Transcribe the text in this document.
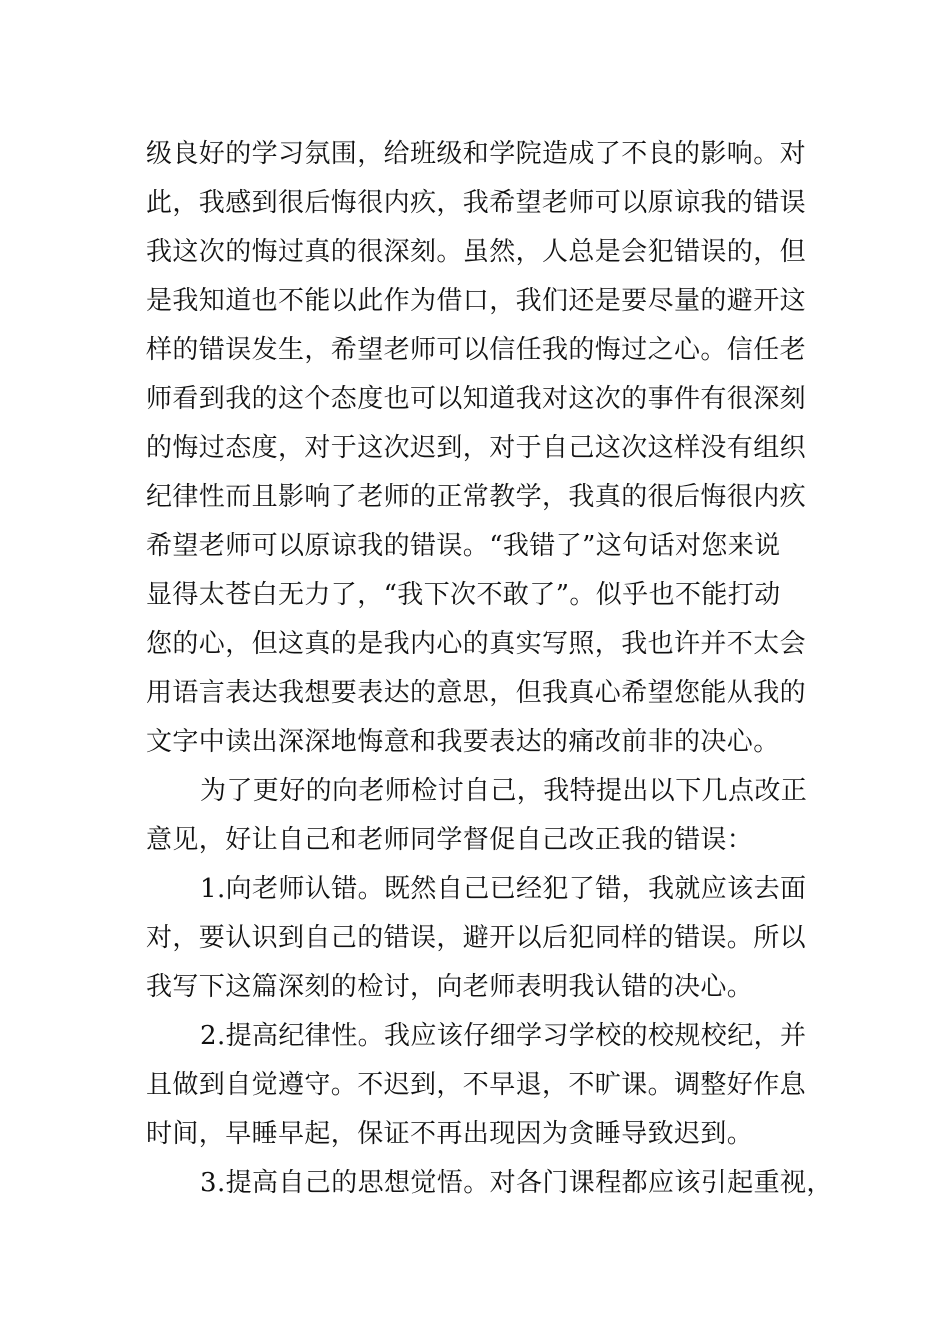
级良好的学习氛围，给班级和学院造成了不良的影响。对
此，我感到很后悔很内疚，我希望老师可以原谅我的错误
我这次的悔过真的很深刻。虽然，人总是会犯错误的，但
是我知道也不能以此作为借口，我们还是要尽量的避开这
样的错误发生，希望老师可以信任我的悔过之心。信任老
师看到我的这个态度也可以知道我对这次的事件有很深刻
的悔过态度，对于这次迟到，对于自己这次这样没有组织
纪律性而且影响了老师的正常教学，我真的很后悔很内疚
希望老师可以原谅我的错误。“我错了”这句话对您来说
显得太苍白无力了，“我下次不敢了”。似乎也不能打动
您的心，但这真的是我内心的真实写照，我也许并不太会
用语言表达我想要表达的意思，但我真心希望您能从我的
文字中读出深深地悔意和我要表达的痛改前非的决心。
为了更好的向老师检讨自己，我特提出以下几点改正
意见，好让自己和老师同学督促自己改正我的错误：
1.向老师认错。既然自己已经犯了错，我就应该去面
对，要认识到自己的错误，避开以后犯同样的错误。所以
我写下这篇深刻的检讨，向老师表明我认错的决心。
2.提高纪律性。我应该仔细学习学校的校规校纪，并
且做到自觉遵守。不迟到，不早退，不旷课。调整好作息
时间，早睡早起，保证不再出现因为贪睡导致迟到。
3.提高自己的思想觉悟。对各门课程都应该引起重视，
